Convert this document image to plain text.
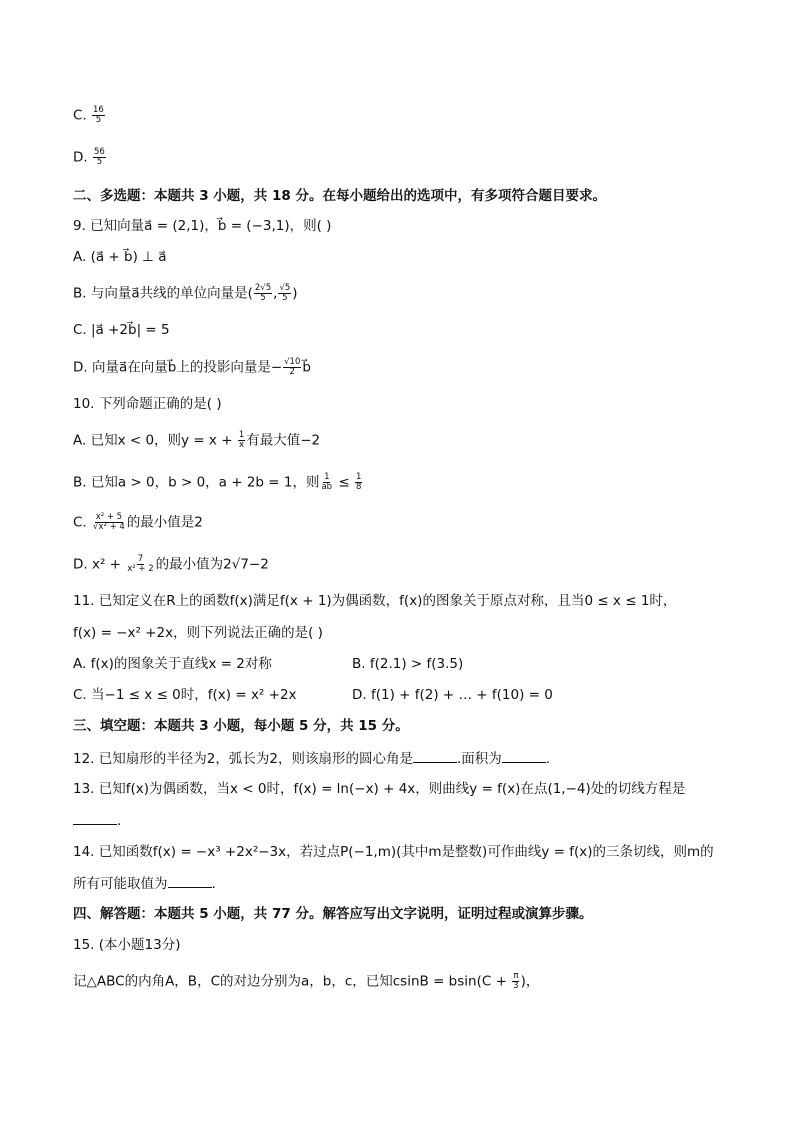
C. $\frac{16}{5}$
D. $\frac{56}{5}$
二、多选题：本题共 3 小题，共 18 分。在每小题给出的选项中，有多项符合题目要求。
9. 已知向量a⃗ = (2,1)，b⃗ = (−3,1)，则( )
A. (a⃗ + b⃗) ⊥ a⃗
B. 与向量a⃗共线的单位向量是( $\frac{2√5}{5}$ , $\frac{√5}{5}$ )
C. |a⃗ +2b⃗| = 5
D. 向量a⃗在向量b⃗上的投影向量是− $\frac{√10}{2}$ b⃗
10. 下列命题正确的是( )
A. 已知x < 0，则$y = x + \frac{1}{x}$ 有最大值−2
B. 已知a > 0，b > 0，a + 2b = 1，则 $\frac{1}{ab} \le \frac{1}{8}$
C. $\frac{\text{x² + 5}}{\text{√x² + 4}}$ 的最小值是2
D. $x^2 + \frac{7}{\text{x² + 2}}$ 的最小值为2√7−2
11. 已知定义在R上的函数f(x)满足f(x + 1)为偶函数，f(x)的图象关于原点对称，且当0 ≤ x ≤ 1时，
f(x) = −x² +2x，则下列说法正确的是( )
A. f(x)的图象关于直线x = 2对称	B. f(2.1) > f(3.5)
C. 当−1 ≤ x ≤ 0时，f(x) = x² +2x	D. f(1) + f(2) + … + f(10) = 0
三、填空题：本题共 3 小题，每小题 5 分，共 15 分。
12. 已知扇形的半径为2，弧长为2，则该扇形的圆心角是	.面积为	.
13. 已知f(x)为偶函数，当x < 0时，f(x) = ln(−x) + 4x，则曲线y = f(x)在点(1,−4)处的切线方程是
.
14. 已知函数f(x) = −x³ +2x²−3x，若过点P(−1,m)(其中m是整数)可作曲线y = f(x)的三条切线，则m的
所有可能取值为	.
四、解答题：本题共 5 小题，共 77 分。解答应写出文字说明，证明过程或演算步骤。
15. (本小题13分)
记△ABC的内角A，B，C的对边分别为a，b，c，已知$csinB = bsin(C + \frac{\pi}{3}$ )，
